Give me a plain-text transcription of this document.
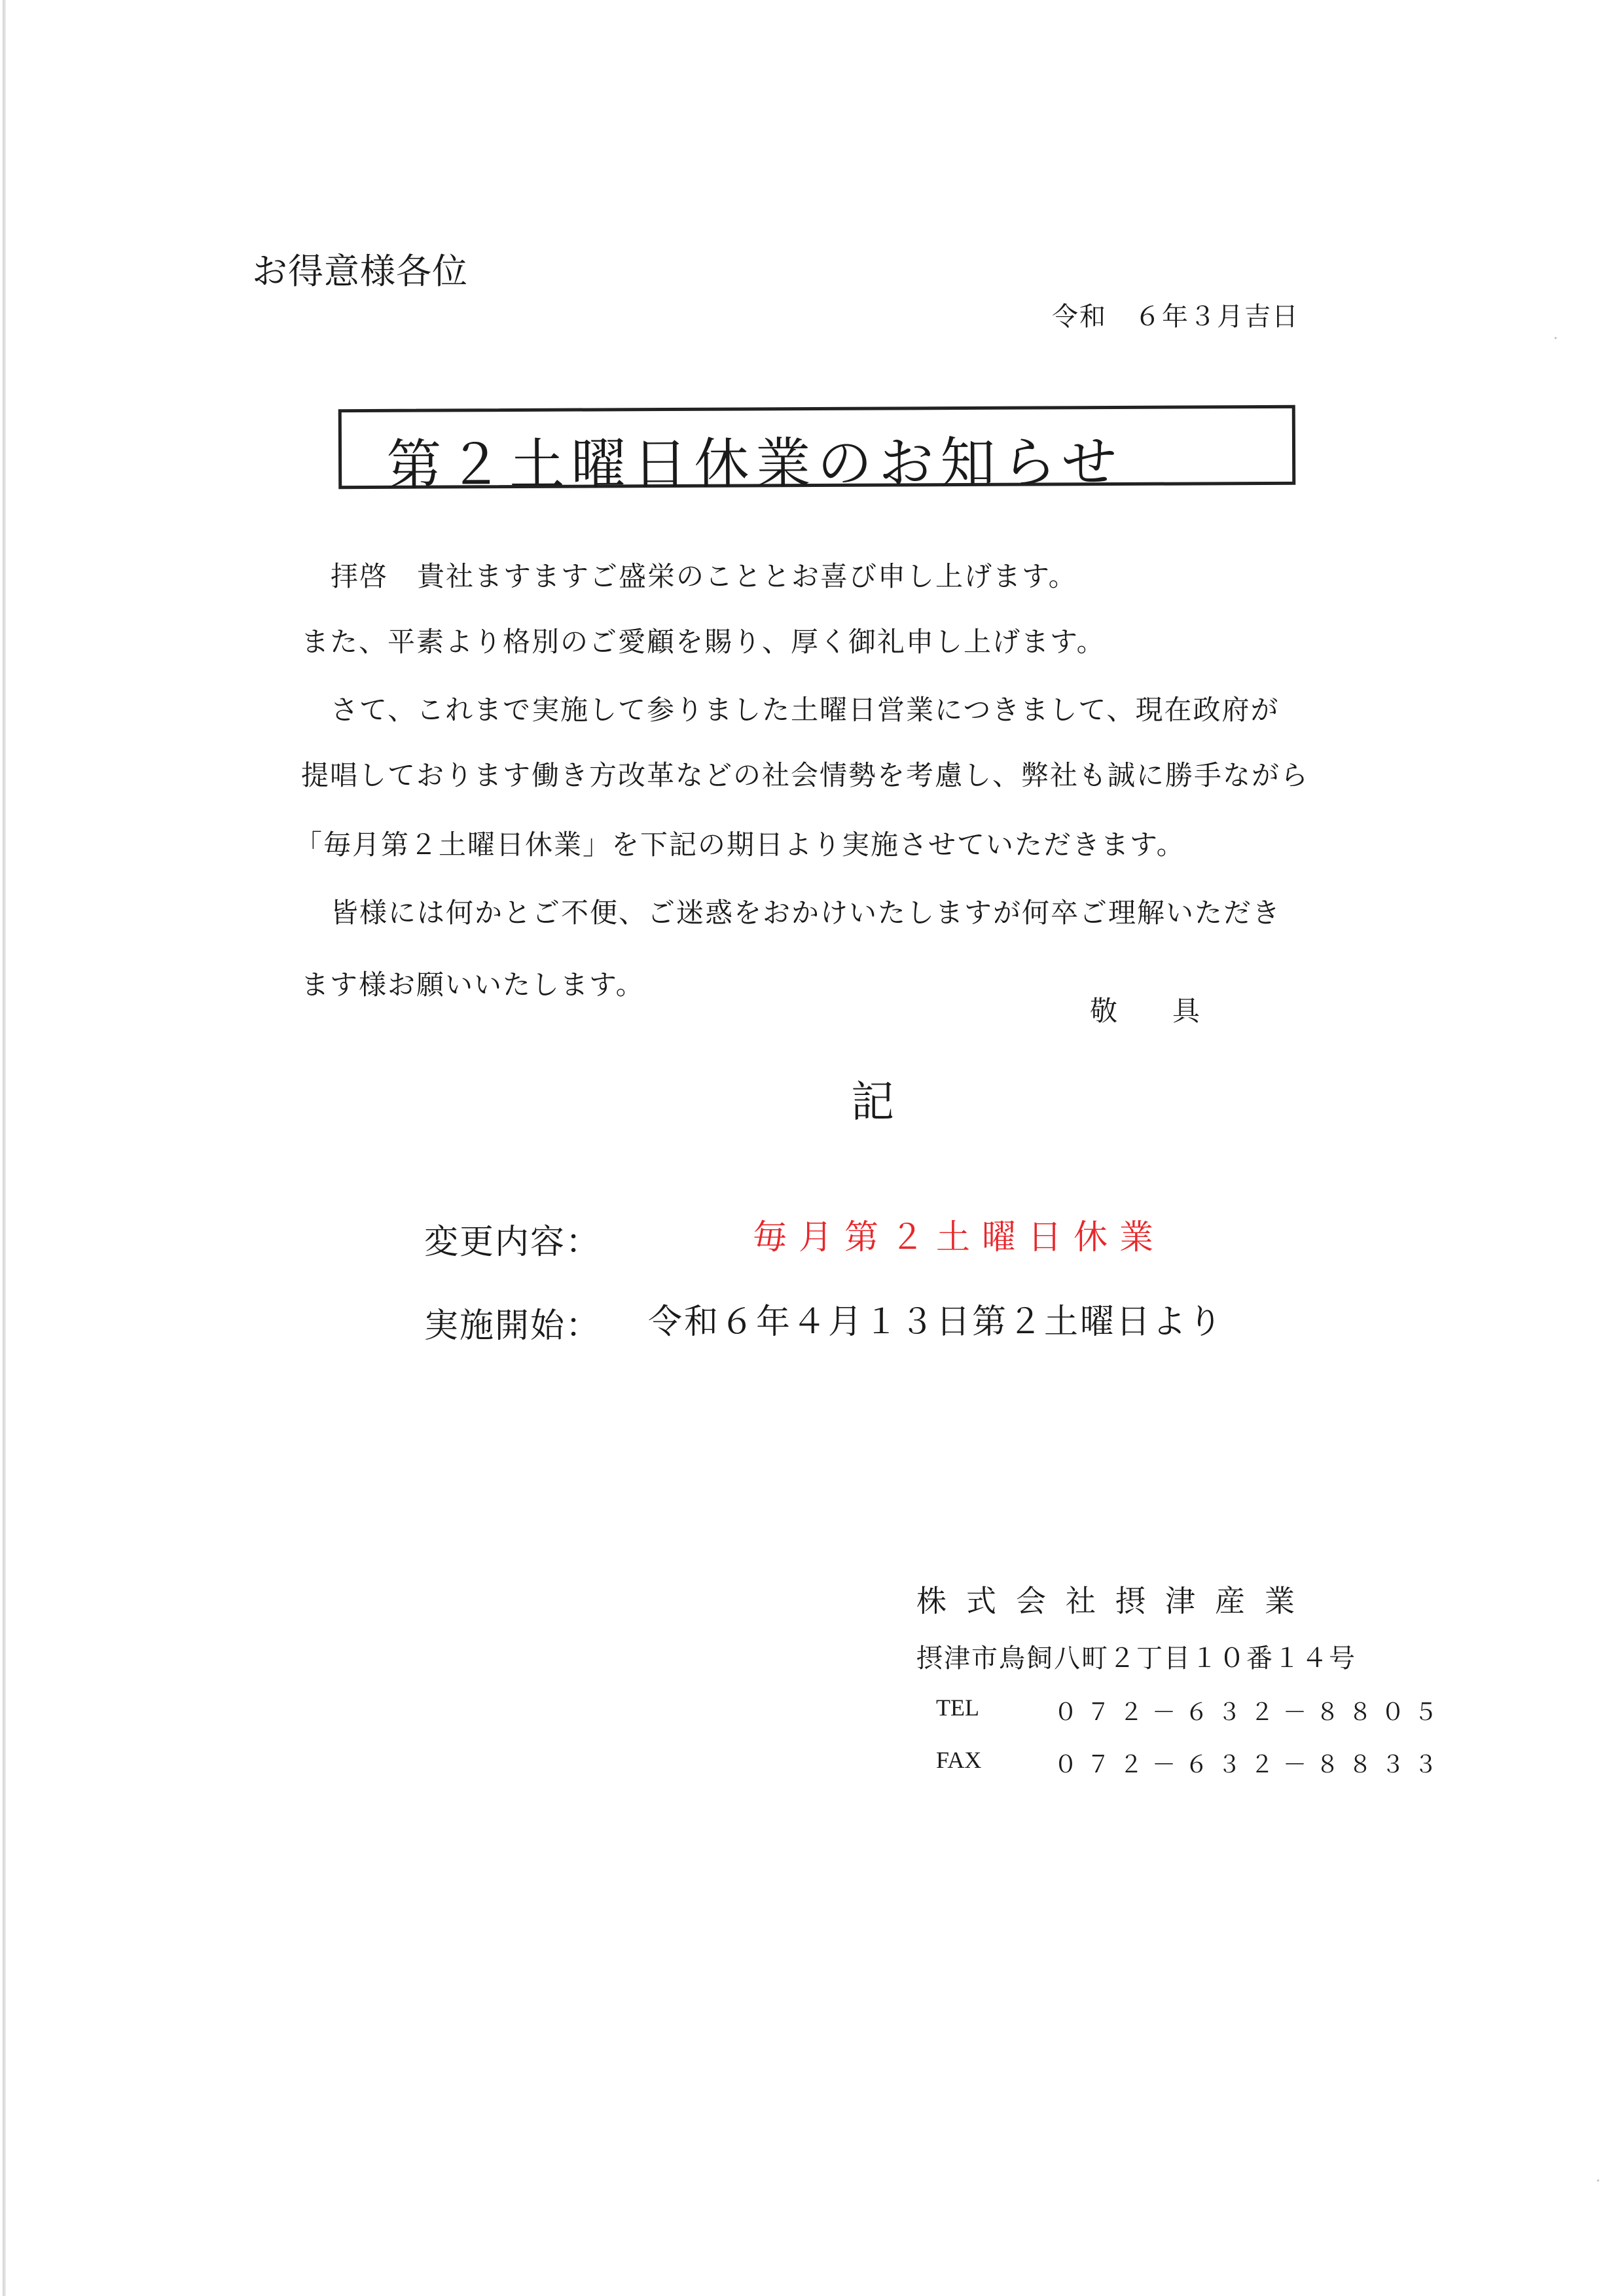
お得意様各位
令和　６年３月吉日
第２土曜日休業のお知らせ
拝啓　貴社ますますご盛栄のこととお喜び申し上げます。
また、平素より格別のご愛顧を賜り、厚く御礼申し上げます。
さて、これまで実施して参りました土曜日営業につきまして、現在政府が
提唱しております働き方改革などの社会情勢を考慮し、弊社も誠に勝手ながら
「毎月第２土曜日休業」を下記の期日より実施させていただきます。
皆様には何かとご不便、ご迷惑をおかけいたしますが何卒ご理解いただき
ます様お願いいたします。
敬　　具
記
変更内容：	毎月第２土曜日休業
実施開始： 令和６年４月１３日第２土曜日より
株式会社摂津産業
摂津市鳥飼八町２丁目１０番１４号
TEL	０７２－６３２－８８０５
FAX	０７２－６３２－８８３３
